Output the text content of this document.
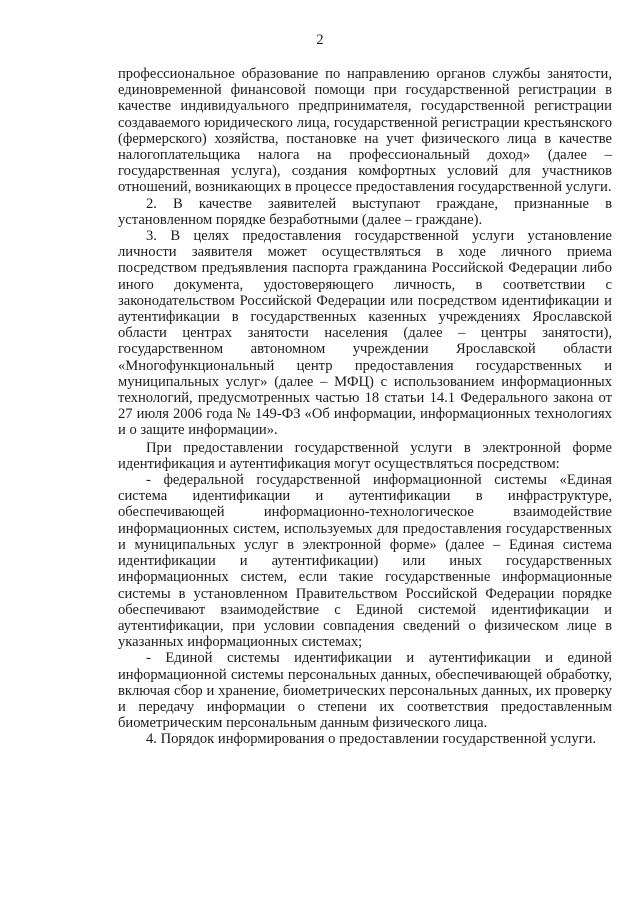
2

профессиональное образование по направлению органов службы занятости, единовременной финансовой помощи при государственной регистрации в качестве индивидуального предпринимателя, государственной регистрации создаваемого юридического лица, государственной регистрации крестьянского (фермерского) хозяйства, постановке на учет физического лица в качестве налогоплательщика налога на профессиональный доход» (далее – государственная услуга), создания комфортных условий для участников отношений, возникающих в процессе предоставления государственной услуги.

2. В качестве заявителей выступают граждане, признанные в установленном порядке безработными (далее – граждане).

3. В целях предоставления государственной услуги установление личности заявителя может осуществляться в ходе личного приема посредством предъявления паспорта гражданина Российской Федерации либо иного документа, удостоверяющего личность, в соответствии с законодательством Российской Федерации или посредством идентификации и аутентификации в государственных казенных учреждениях Ярославской области центрах занятости населения (далее – центры занятости), государственном автономном учреждении Ярославской области «Многофункциональный центр предоставления государственных и муниципальных услуг» (далее – МФЦ) с использованием информационных технологий, предусмотренных частью 18 статьи 14.1 Федерального закона от 27 июля 2006 года № 149-ФЗ «Об информации, информационных технологиях и о защите информации».

При предоставлении государственной услуги в электронной форме идентификация и аутентификация могут осуществляться посредством:

- федеральной государственной информационной системы «Единая система идентификации и аутентификации в инфраструктуре, обеспечивающей информационно-технологическое взаимодействие информационных систем, используемых для предоставления государственных и муниципальных услуг в электронной форме» (далее – Единая система идентификации и аутентификации) или иных государственных информационных систем, если такие государственные информационные системы в установленном Правительством Российской Федерации порядке обеспечивают взаимодействие с Единой системой идентификации и аутентификации, при условии совпадения сведений о физическом лице в указанных информационных системах;

- Единой системы идентификации и аутентификации и единой информационной системы персональных данных, обеспечивающей обработку, включая сбор и хранение, биометрических персональных данных, их проверку и передачу информации о степени их соответствия предоставленным биометрическим персональным данным физического лица.

4. Порядок информирования о предоставлении государственной услуги.
